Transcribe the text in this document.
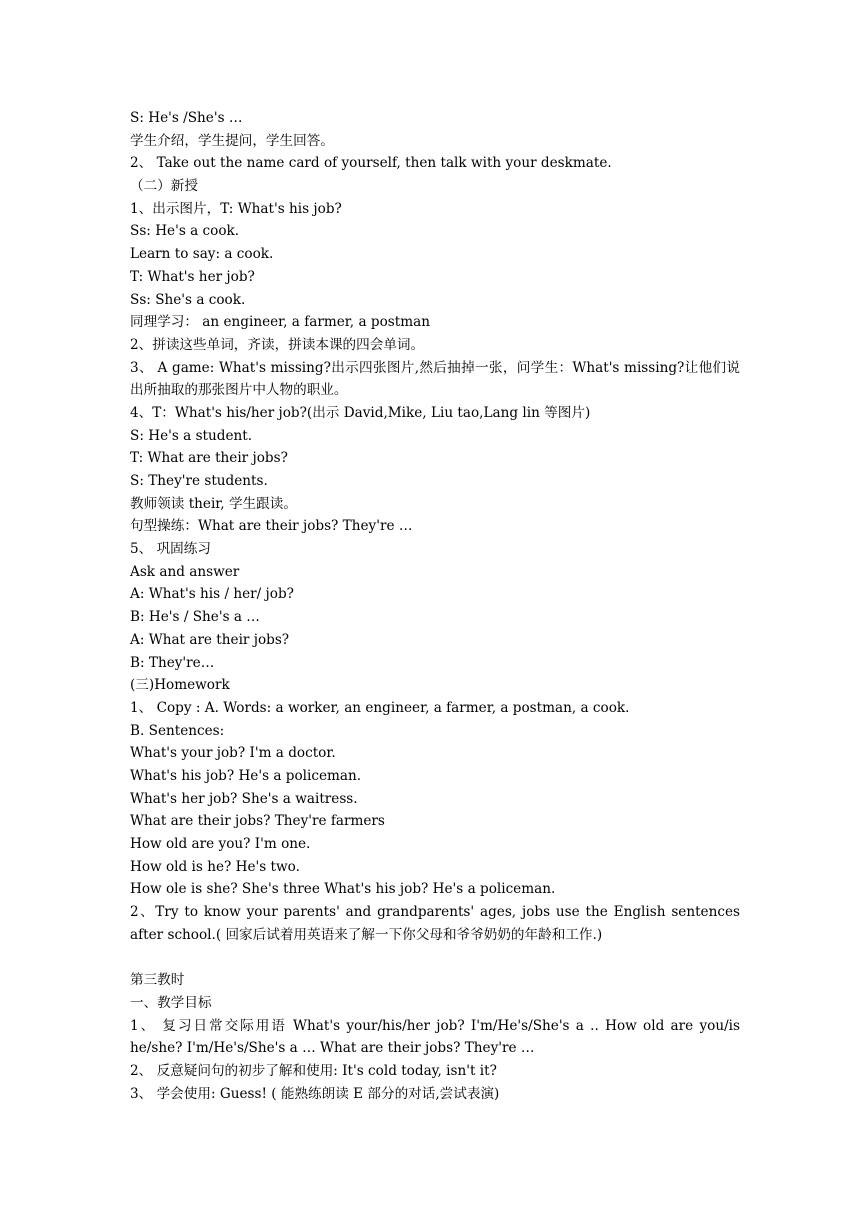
S: He's /She's …
学生介绍，学生提问，学生回答。
2、 Take out the name card of yourself, then talk with your deskmate.
（二）新授
1、出示图片，T: What's his job?
Ss: He's a cook.
Learn to say: a cook.
T: What's her job?
Ss: She's a cook.
同理学习： an engineer, a farmer, a postman
2、拼读这些单词，齐读，拼读本课的四会单词。
3、 A game: What's missing?出示四张图片,然后抽掉一张，问学生：What's missing?让他们说出所抽取的那张图片中人物的职业。
4、T：What's his/her job?(出示 David,Mike, Liu tao,Lang lin 等图片)
S: He's a student.
T: What are their jobs?
S: They're students.
教师领读 their, 学生跟读。
句型操练：What are their jobs? They're …
5、 巩固练习
Ask and answer
A: What's his / her/ job?
B: He's / She's a …
A: What are their jobs?
B: They're…
(三)Homework
1、 Copy : A. Words: a worker, an engineer, a farmer, a postman, a cook.
B. Sentences:
What's your job? I'm a doctor.
What's his job? He's a policeman.
What's her job? She's a waitress.
What are their jobs? They're farmers
How old are you? I'm one.
How old is he? He's two.
How ole is she? She's three What's his job? He's a policeman.
2、Try to know your parents' and grandparents' ages, jobs use the English sentences after school.( 回家后试着用英语来了解一下你父母和爷爷奶奶的年龄和工作.)
第三教时
一、教学目标
1、 复习日常交际用语 What's your/his/her job? I'm/He's/She's a .. How old are you/is he/she? I'm/He's/She's a … What are their jobs? They're …
2、 反意疑问句的初步了解和使用: It's cold today, isn't it?
3、 学会使用: Guess! ( 能熟练朗读 E 部分的对话,尝试表演)
